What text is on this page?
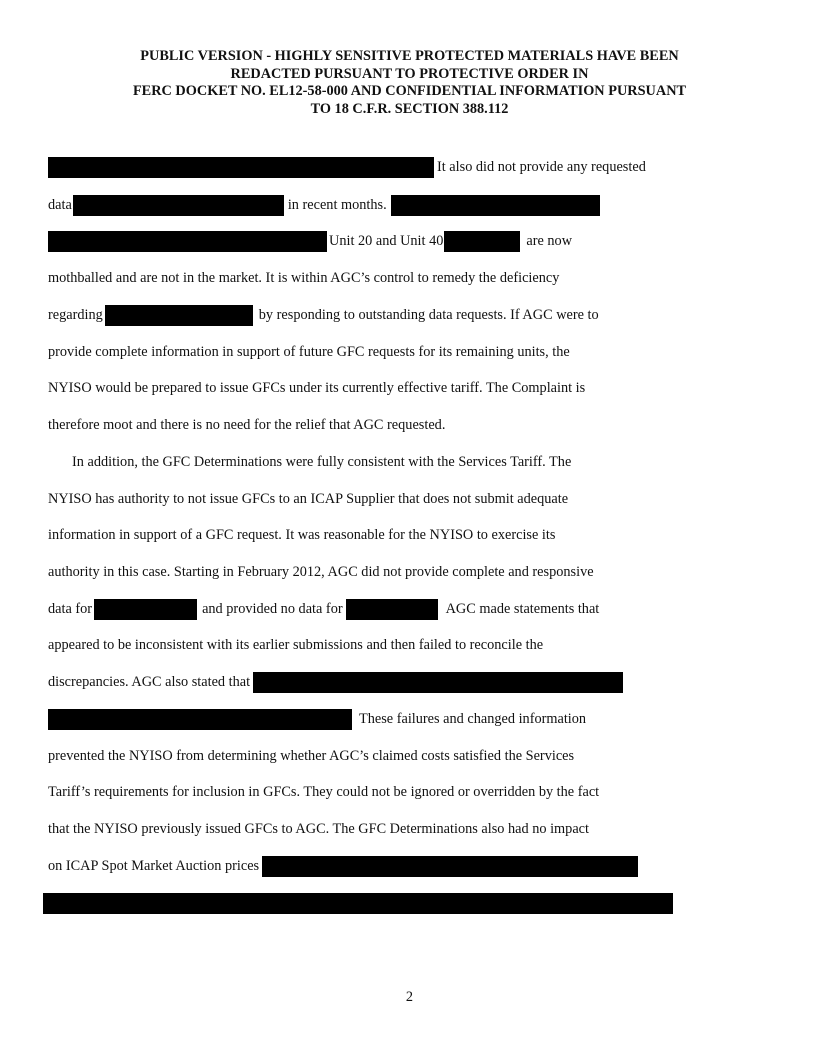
PUBLIC VERSION - HIGHLY SENSITIVE PROTECTED MATERIALS HAVE BEEN
REDACTED PURSUANT TO PROTECTIVE ORDER IN
FERC DOCKET NO. EL12-58-000 AND CONFIDENTIAL INFORMATION PURSUANT
TO 18 C.F.R. SECTION 388.112
It also did not provide any requested
data	in recent months.
Unit 20 and Unit 40	are now
mothballed and are not in the market. It is within AGC’s control to remedy the deficiency
regarding	by responding to outstanding data requests. If AGC were to
provide complete information in support of future GFC requests for its remaining units, the
NYISO would be prepared to issue GFCs under its currently effective tariff. The Complaint is
therefore moot and there is no need for the relief that AGC requested.
In addition, the GFC Determinations were fully consistent with the Services Tariff. The
NYISO has authority to not issue GFCs to an ICAP Supplier that does not submit adequate
information in support of a GFC request. It was reasonable for the NYISO to exercise its
authority in this case. Starting in February 2012, AGC did not provide complete and responsive
data for	and provided no data for	AGC made statements that
appeared to be inconsistent with its earlier submissions and then failed to reconcile the
discrepancies. AGC also stated that
These failures and changed information
prevented the NYISO from determining whether AGC’s claimed costs satisfied the Services
Tariff’s requirements for inclusion in GFCs. They could not be ignored or overridden by the fact
that the NYISO previously issued GFCs to AGC. The GFC Determinations also had no impact
on ICAP Spot Market Auction prices
2
